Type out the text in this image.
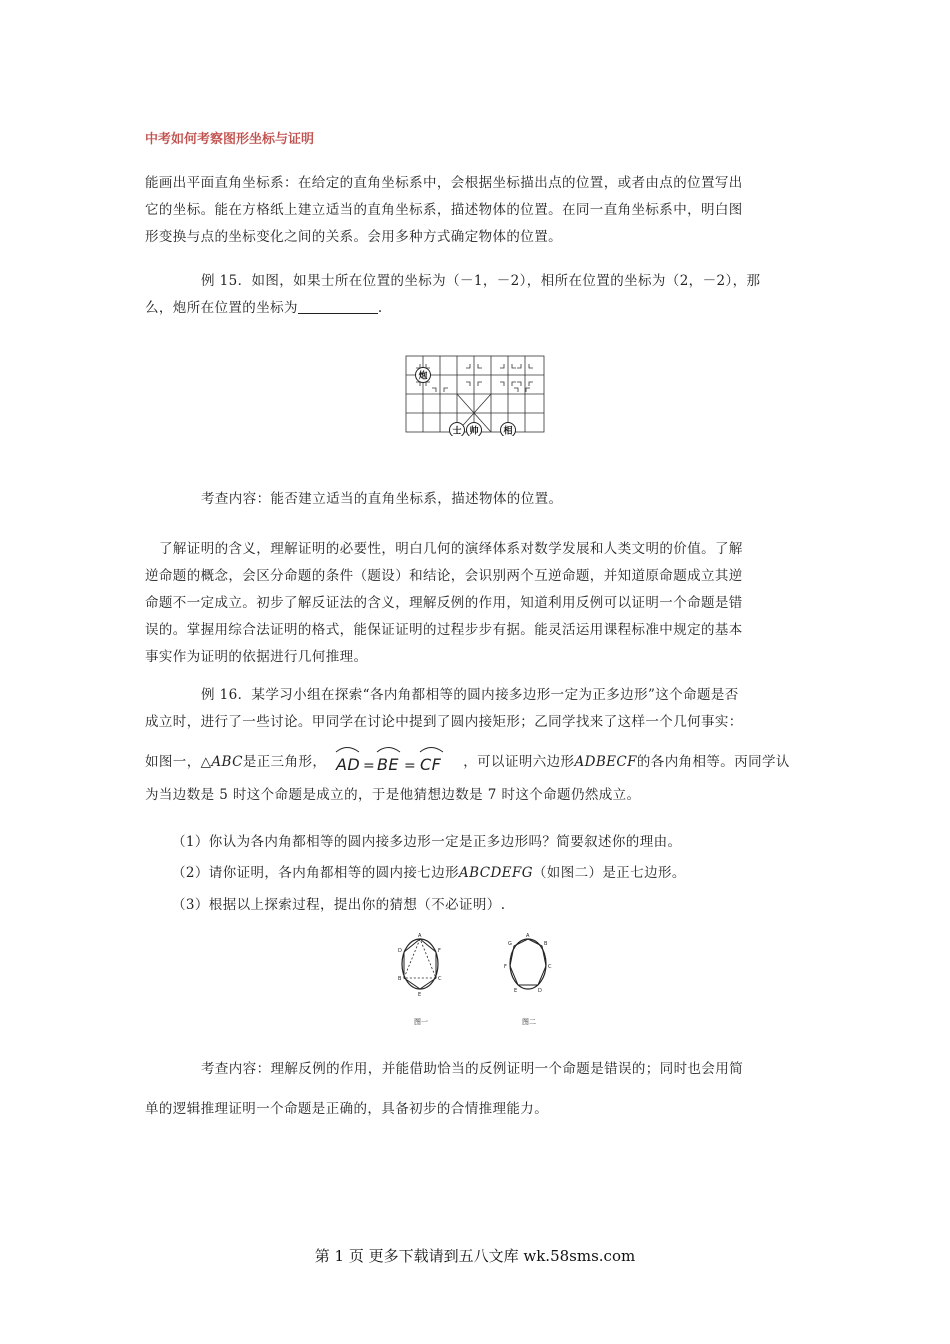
中考如何考察图形坐标与证明
能画出平面直角坐标系：在给定的直角坐标系中，会根据坐标描出点的位置，或者由点的位置写出
它的坐标。能在方格纸上建立适当的直角坐标系，描述物体的位置。在同一直角坐标系中，明白图
形变换与点的坐标变化之间的关系。会用多种方式确定物体的位置。
例 15．如图，如果士所在位置的坐标为（－1，－2），相所在位置的坐标为（2，－2），那
么，炮所在位置的坐标为	.
炮
士 帅	相
考查内容：能否建立适当的直角坐标系，描述物体的位置。
了解证明的含义，理解证明的必要性，明白几何的演绎体系对数学发展和人类文明的价值。了解
逆命题的概念，会区分命题的条件（题设）和结论，会识别两个互逆命题，并知道原命题成立其逆
命题不一定成立。初步了解反证法的含义，理解反例的作用，知道利用反例可以证明一个命题是错
误的。掌握用综合法证明的格式，能保证证明的过程步步有据。能灵活运用课程标准中规定的基本
事实作为证明的依据进行几何推理。
例 16．某学习小组在探索“各内角都相等的圆内接多边形一定为正多边形”这个命题是否
成立时，进行了一些讨论。甲同学在讨论中提到了圆内接矩形；乙同学找来了这样一个几何事实：
如图一，△ABC是正三角形， AD = BE = CF ，可以证明六边形ADBECF的各内角相等。丙同学认
为当边数是 5 时这个命题是成立的，于是他猜想边数是 7 时这个命题仍然成立。
（1）你认为各内角都相等的圆内接多边形一定是正多边形吗？简要叙述你的理由。
（2）请你证明，各内角都相等的圆内接七边形ABCDEFG（如图二）是正七边形。
（3）根据以上探索过程，提出你的猜想（不必证明）.
A
D	F
B	C
E
图一
A
G	B
F	C
E	D
图二
考查内容：理解反例的作用，并能借助恰当的反例证明一个命题是错误的；同时也会用简
单的逻辑推理证明一个命题是正确的，具备初步的合情推理能力。
第 1 页 更多下载请到五八文库 wk.58sms.com
